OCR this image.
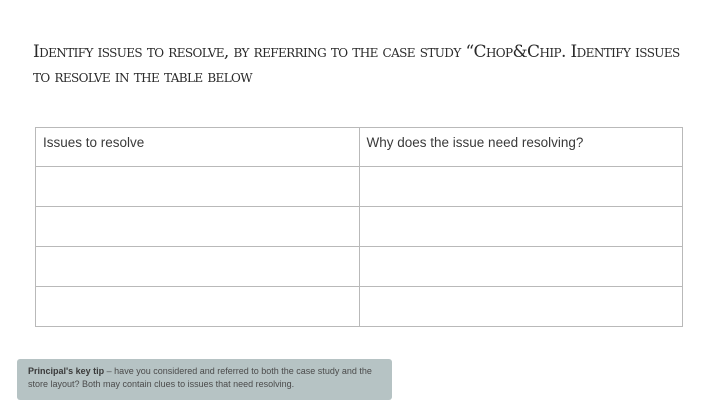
Identify issues to resolve, by referring to the case study “Chop&Chip. Identify issues to resolve in the table below

Issues to resolve	Why does the issue need resolving?

Principal's key tip – have you considered and referred to both the case study and the store layout? Both may contain clues to issues that need resolving.
